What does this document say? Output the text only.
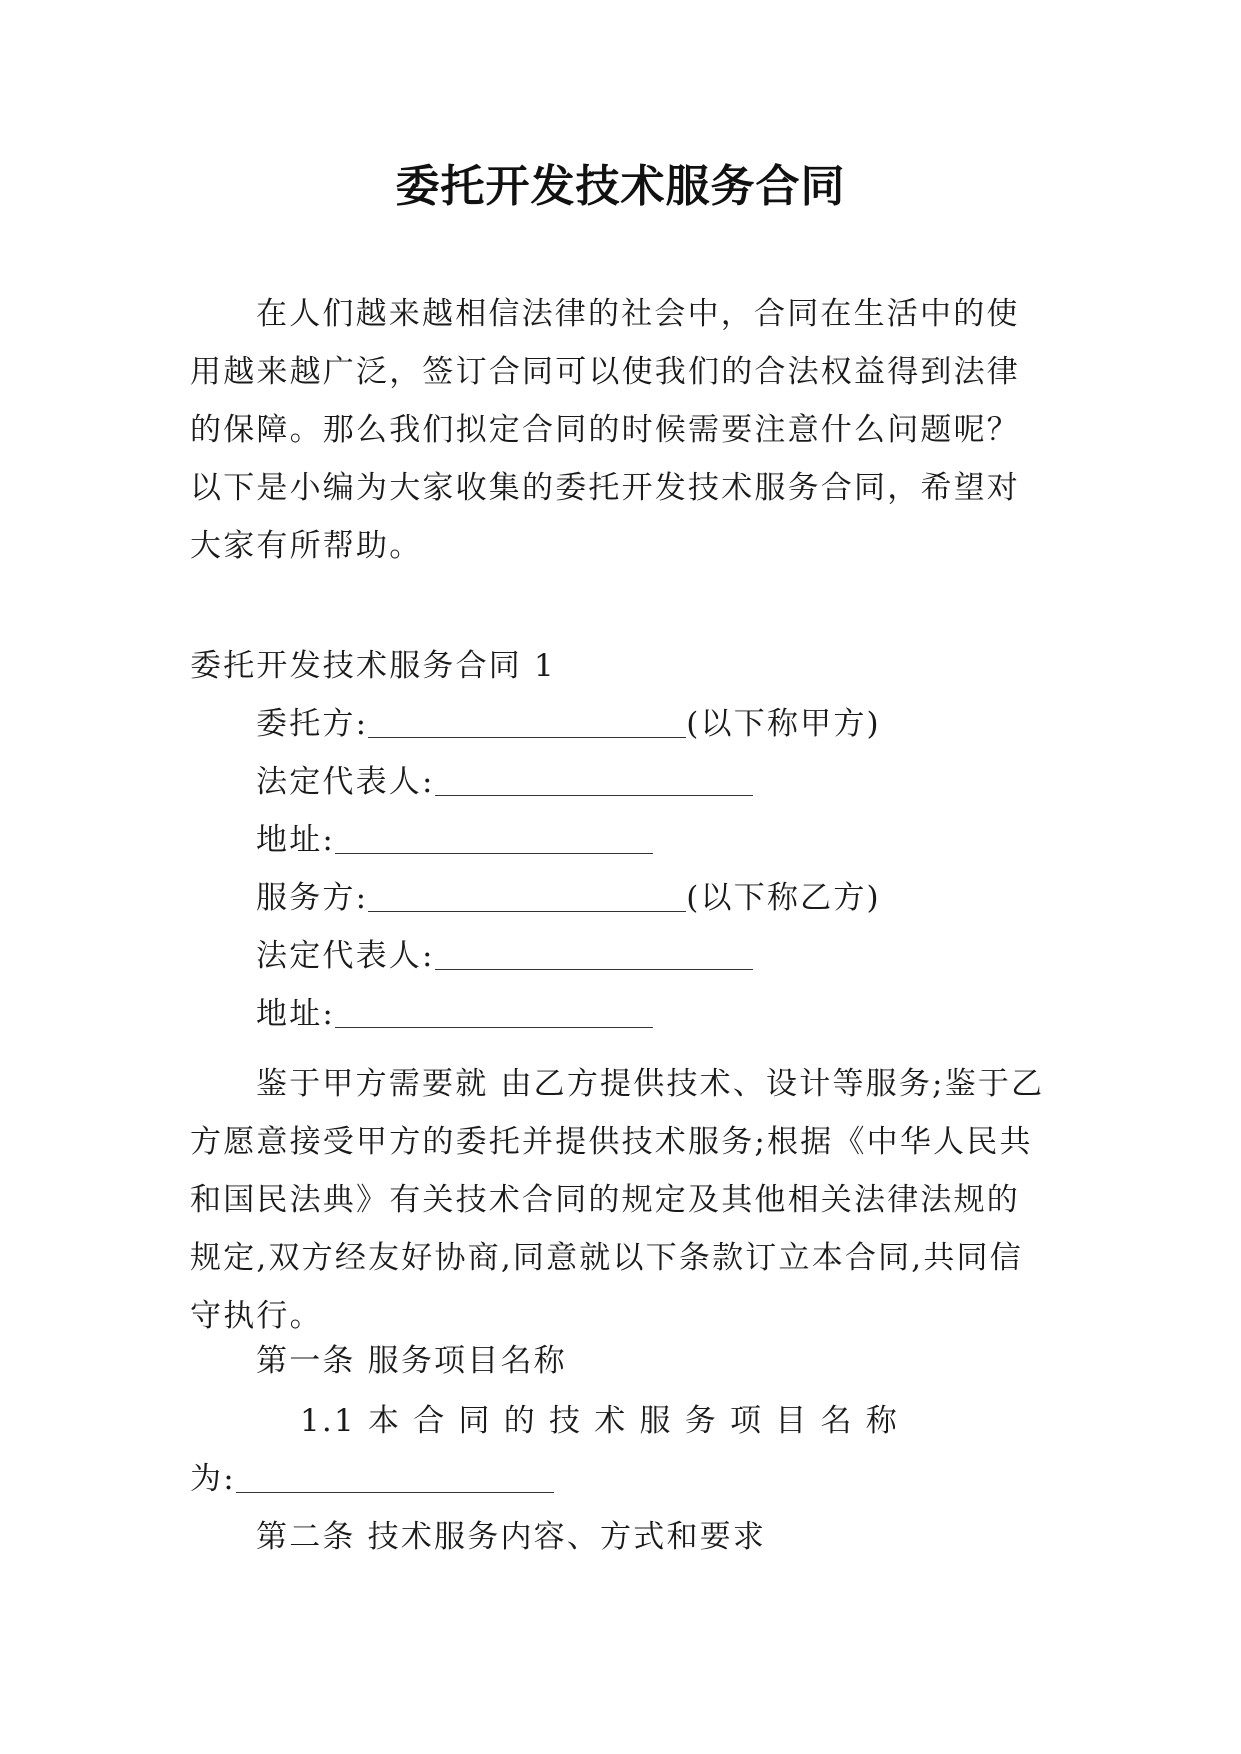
委托开发技术服务合同
在人们越来越相信法律的社会中，合同在生活中的使用越来越广泛，签订合同可以使我们的合法权益得到法律的保障。那么我们拟定合同的时候需要注意什么问题呢？以下是小编为大家收集的委托开发技术服务合同，希望对大家有所帮助。
委托开发技术服务合同 1
委托方:	(以下称甲方)
法定代表人:
地址:
服务方:	(以下称乙方)
法定代表人:
地址:
鉴于甲方需要就 由乙方提供技术、设计等服务;鉴于乙方愿意接受甲方的委托并提供技术服务;根据《中华人民共和国民法典》有关技术合同的规定及其他相关法律法规的规定,双方经友好协商,同意就以下条款订立本合同,共同信守执行。
第一条 服务项目名称
1.1 本 合 同 的 技 术 服 务 项 目 名 称
为:
第二条 技术服务内容、方式和要求
